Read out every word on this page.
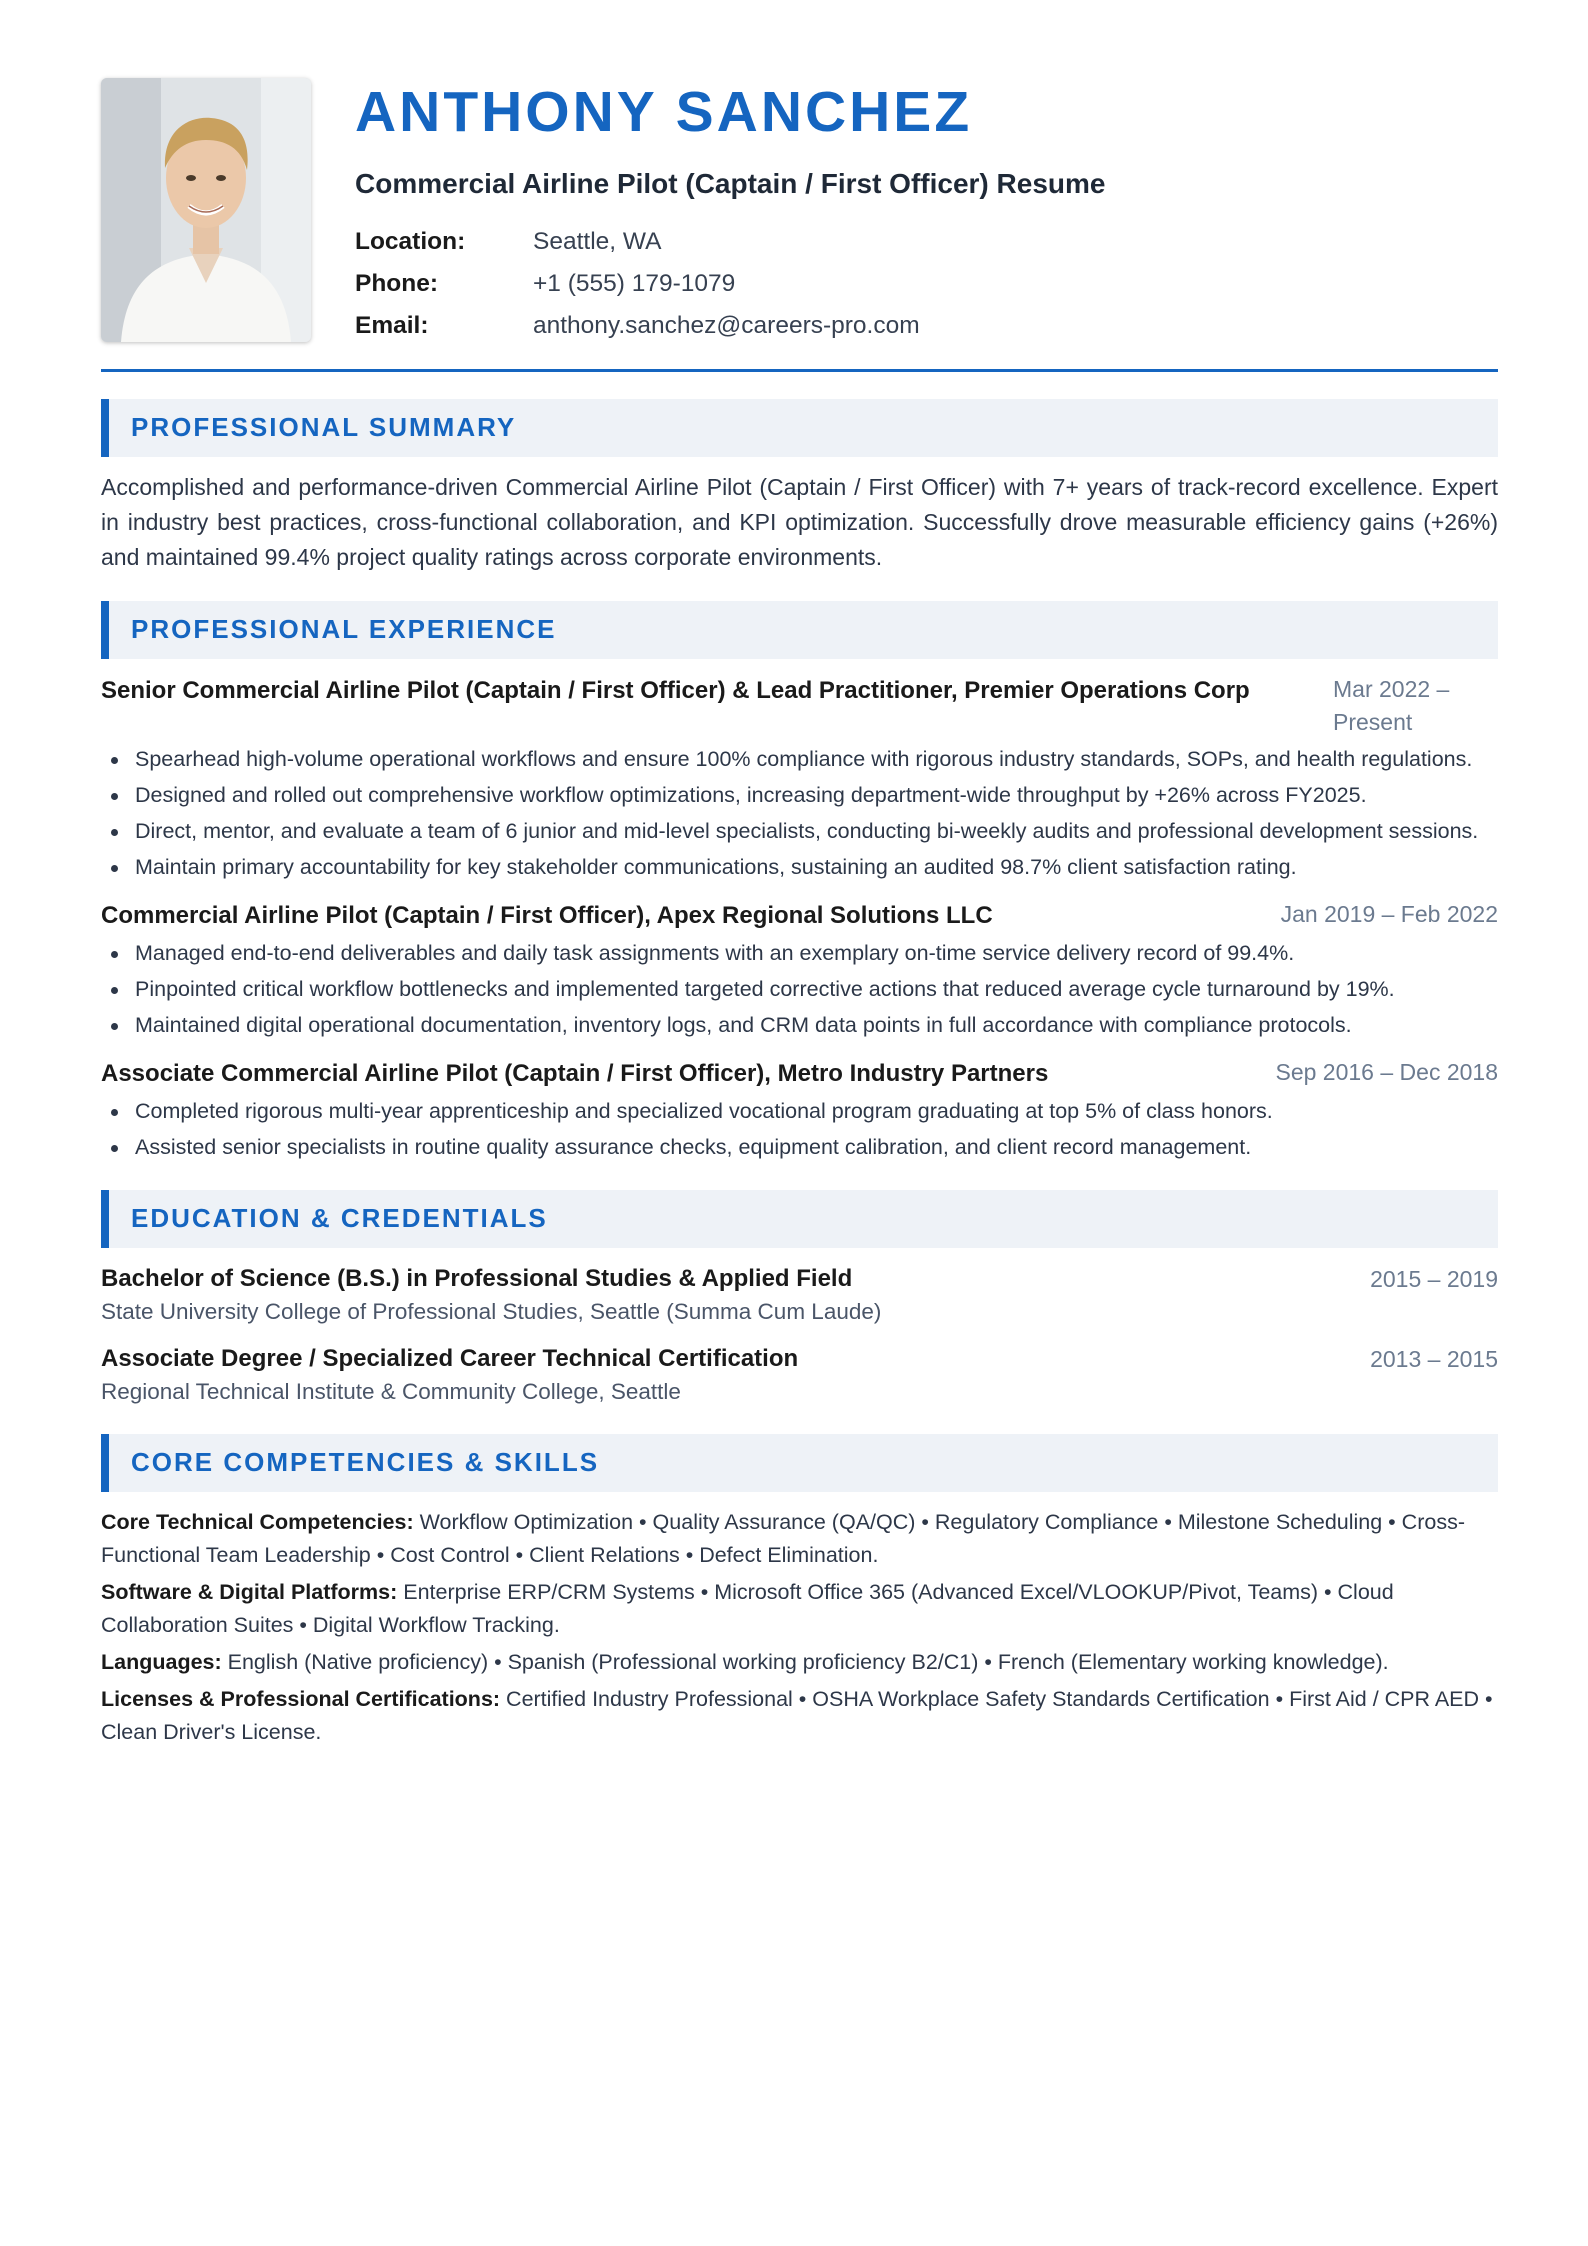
ANTHONY SANCHEZ
Commercial Airline Pilot (Captain / First Officer) Resume
Location:	Seattle, WA
Phone:	+1 (555) 179-1079
Email:	anthony.sanchez@careers-pro.com
PROFESSIONAL SUMMARY

Accomplished and performance-driven Commercial Airline Pilot (Captain / First Officer) with 7+ years of track-record excellence. Expert in industry best practices, cross-functional collaboration, and KPI optimization. Successfully drove measurable efficiency gains (+26%) and maintained 99.4% project quality ratings across corporate environments.

PROFESSIONAL EXPERIENCE
Senior Commercial Airline Pilot (Captain / First Officer) & Lead Practitioner, Premier Operations Corp	Mar 2022 – Present
Spearhead high-volume operational workflows and ensure 100% compliance with rigorous industry standards, SOPs, and health regulations.
Designed and rolled out comprehensive workflow optimizations, increasing department-wide throughput by +26% across FY2025.
Direct, mentor, and evaluate a team of 6 junior and mid-level specialists, conducting bi-weekly audits and professional development sessions.
Maintain primary accountability for key stakeholder communications, sustaining an audited 98.7% client satisfaction rating.
Commercial Airline Pilot (Captain / First Officer), Apex Regional Solutions LLC	Jan 2019 – Feb 2022
Managed end-to-end deliverables and daily task assignments with an exemplary on-time service delivery record of 99.4%.
Pinpointed critical workflow bottlenecks and implemented targeted corrective actions that reduced average cycle turnaround by 19%.
Maintained digital operational documentation, inventory logs, and CRM data points in full accordance with compliance protocols.
Associate Commercial Airline Pilot (Captain / First Officer), Metro Industry Partners	Sep 2016 – Dec 2018
Completed rigorous multi-year apprenticeship and specialized vocational program graduating at top 5% of class honors.
Assisted senior specialists in routine quality assurance checks, equipment calibration, and client record management.
EDUCATION & CREDENTIALS
Bachelor of Science (B.S.) in Professional Studies & Applied Field	2015 – 2019
State University College of Professional Studies, Seattle (Summa Cum Laude)
Associate Degree / Specialized Career Technical Certification	2013 – 2015
Regional Technical Institute & Community College, Seattle
CORE COMPETENCIES & SKILLS

Core Technical Competencies: Workflow Optimization • Quality Assurance (QA/QC) • Regulatory Compliance • Milestone Scheduling • Cross-Functional Team Leadership • Cost Control • Client Relations • Defect Elimination.

Software & Digital Platforms: Enterprise ERP/CRM Systems • Microsoft Office 365 (Advanced Excel/VLOOKUP/Pivot, Teams) • Cloud Collaboration Suites • Digital Workflow Tracking.

Languages: English (Native proficiency) • Spanish (Professional working proficiency B2/C1) • French (Elementary working knowledge).

Licenses & Professional Certifications: Certified Industry Professional • OSHA Workplace Safety Standards Certification • First Aid / CPR AED • Clean Driver's License.
